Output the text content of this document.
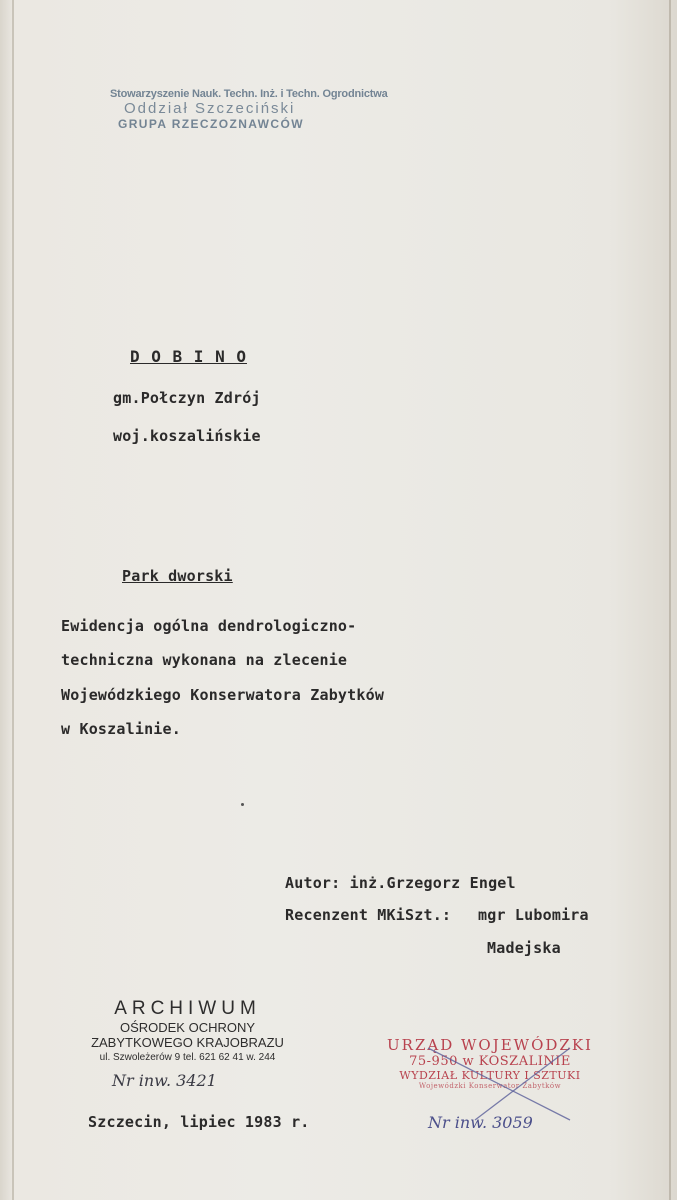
Stowarzyszenie Nauk. Techn. Inż. i Techn. Ogrodnictwa
Oddział Szczeciński
GRUPA RZECZOZNAWCÓW
D O B I N O
gm.Połczyn Zdrój
woj.koszalińskie
Park dworski
Ewidencja ogólna dendrologiczno-
techniczna wykonana na zlecenie
Wojewódzkiego Konserwatora Zabytków
w Koszalinie.
Autor: inż.Grzegorz Engel
Recenzent MKiSzt.: mgr Lubomira
Madejska
ARCHIWUM
OŚRODEK OCHRONY
ZABYTKOWEGO KRAJOBRAZU
ul. Szwoleżerów 9 tel. 621 62 41 w. 244
Nr inw. 3421
URZĄD WOJEWÓDZKI
75-950 w KOSZALINIE
WYDZIAŁ KULTURY I SZTUKI
Wojewódzki Konserwator Zabytków
Nr inw. 3059
Szczecin, lipiec 1983 r.
